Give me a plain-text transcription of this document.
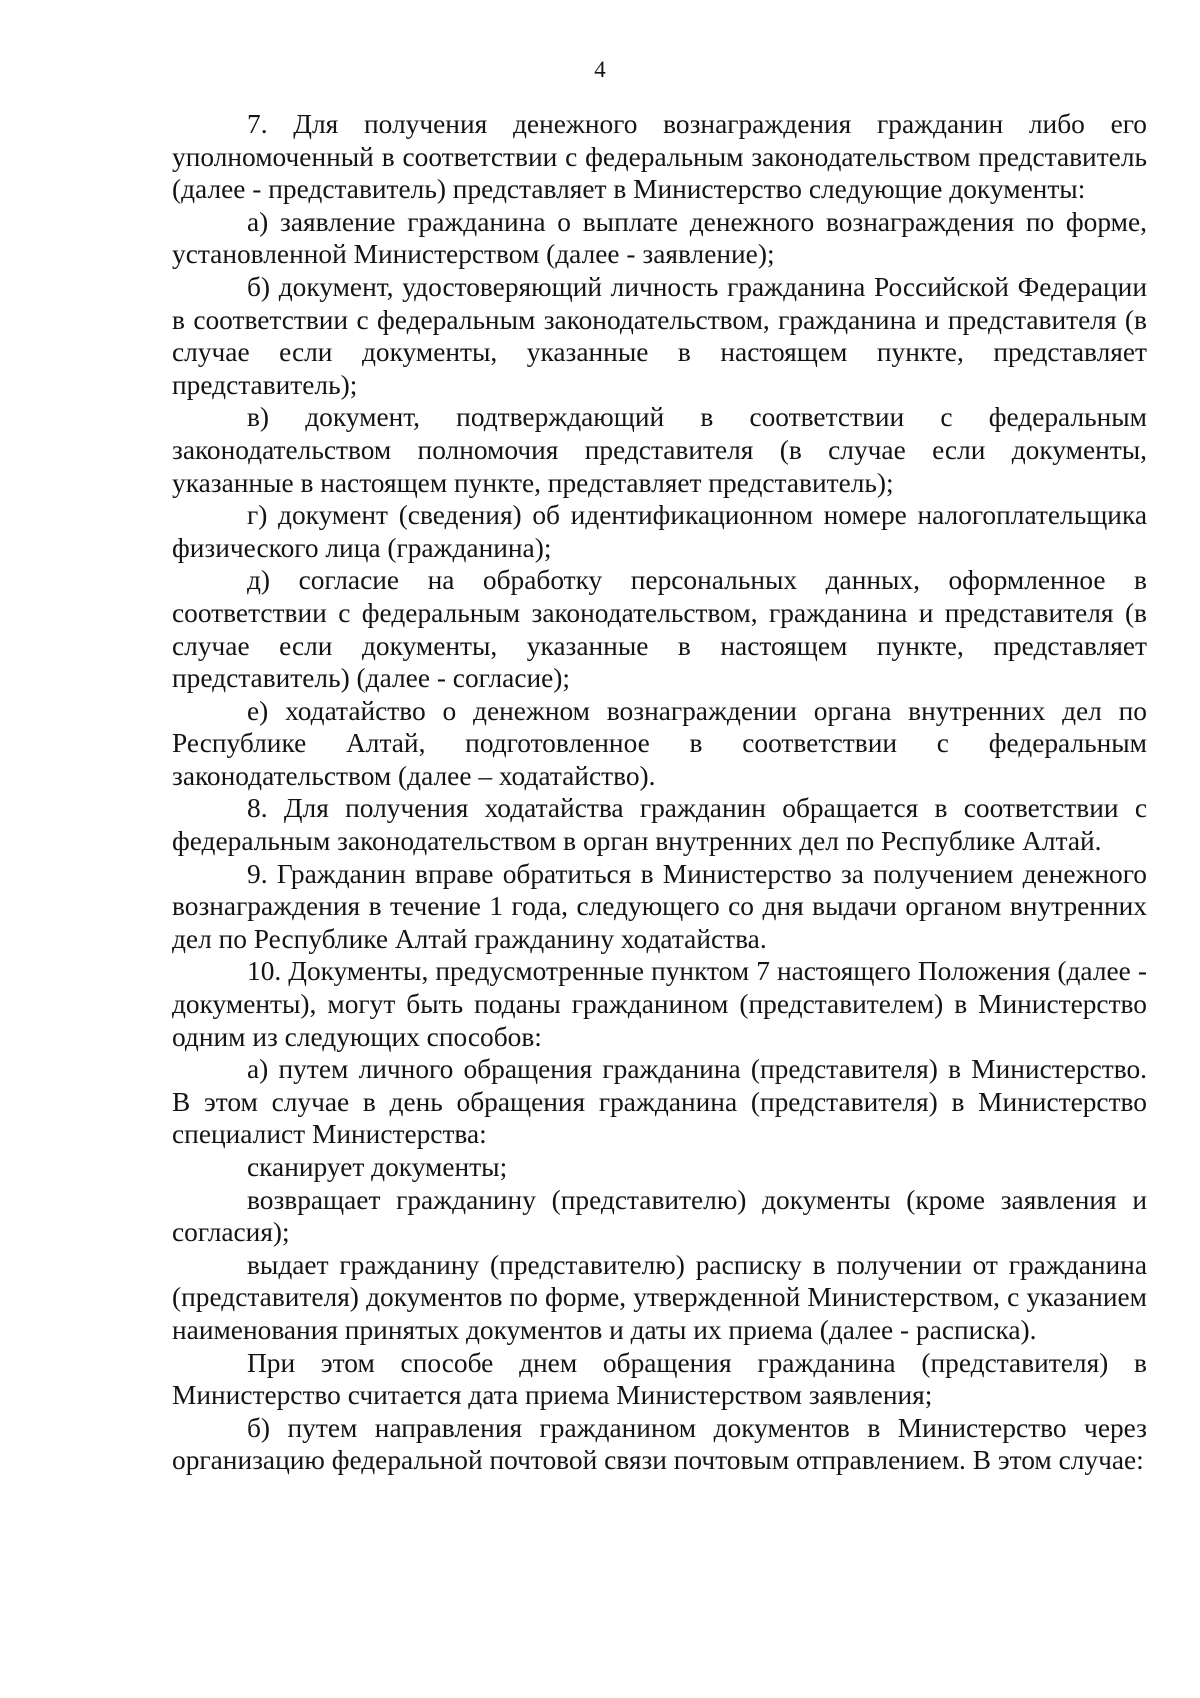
4

7. Для получения денежного вознаграждения гражданин либо его уполномоченный в соответствии с федеральным законодательством представитель (далее - представитель) представляет в Министерство следующие документы:

а) заявление гражданина о выплате денежного вознаграждения по форме, установленной Министерством (далее - заявление);

б) документ, удостоверяющий личность гражданина Российской Федерации в соответствии с федеральным законодательством, гражданина и представителя (в случае если документы, указанные в настоящем пункте, представляет представитель);

в) документ, подтверждающий в соответствии с федеральным законодательством полномочия представителя (в случае если документы, указанные в настоящем пункте, представляет представитель);

г) документ (сведения) об идентификационном номере налогоплательщика физического лица (гражданина);

д) согласие на обработку персональных данных, оформленное в соответствии с федеральным законодательством, гражданина и представителя (в случае если документы, указанные в настоящем пункте, представляет представитель) (далее - согласие);

е) ходатайство о денежном вознаграждении органа внутренних дел по Республике Алтай, подготовленное в соответствии с федеральным законодательством (далее – ходатайство).

8. Для получения ходатайства гражданин обращается в соответствии с федеральным законодательством в орган внутренних дел по Республике Алтай.

9. Гражданин вправе обратиться в Министерство за получением денежного вознаграждения в течение 1 года, следующего со дня выдачи органом внутренних дел по Республике Алтай гражданину ходатайства.

10. Документы, предусмотренные пунктом 7 настоящего Положения (далее - документы), могут быть поданы гражданином (представителем) в Министерство одним из следующих способов:

а) путем личного обращения гражданина (представителя) в Министерство. В этом случае в день обращения гражданина (представителя) в Министерство специалист Министерства:

сканирует документы;

возвращает гражданину (представителю) документы (кроме заявления и согласия);

выдает гражданину (представителю) расписку в получении от гражданина (представителя) документов по форме, утвержденной Министерством, с указанием наименования принятых документов и даты их приема (далее - расписка).

При этом способе днем обращения гражданина (представителя) в Министерство считается дата приема Министерством заявления;

б) путем направления гражданином документов в Министерство через организацию федеральной почтовой связи почтовым отправлением. В этом случае:
